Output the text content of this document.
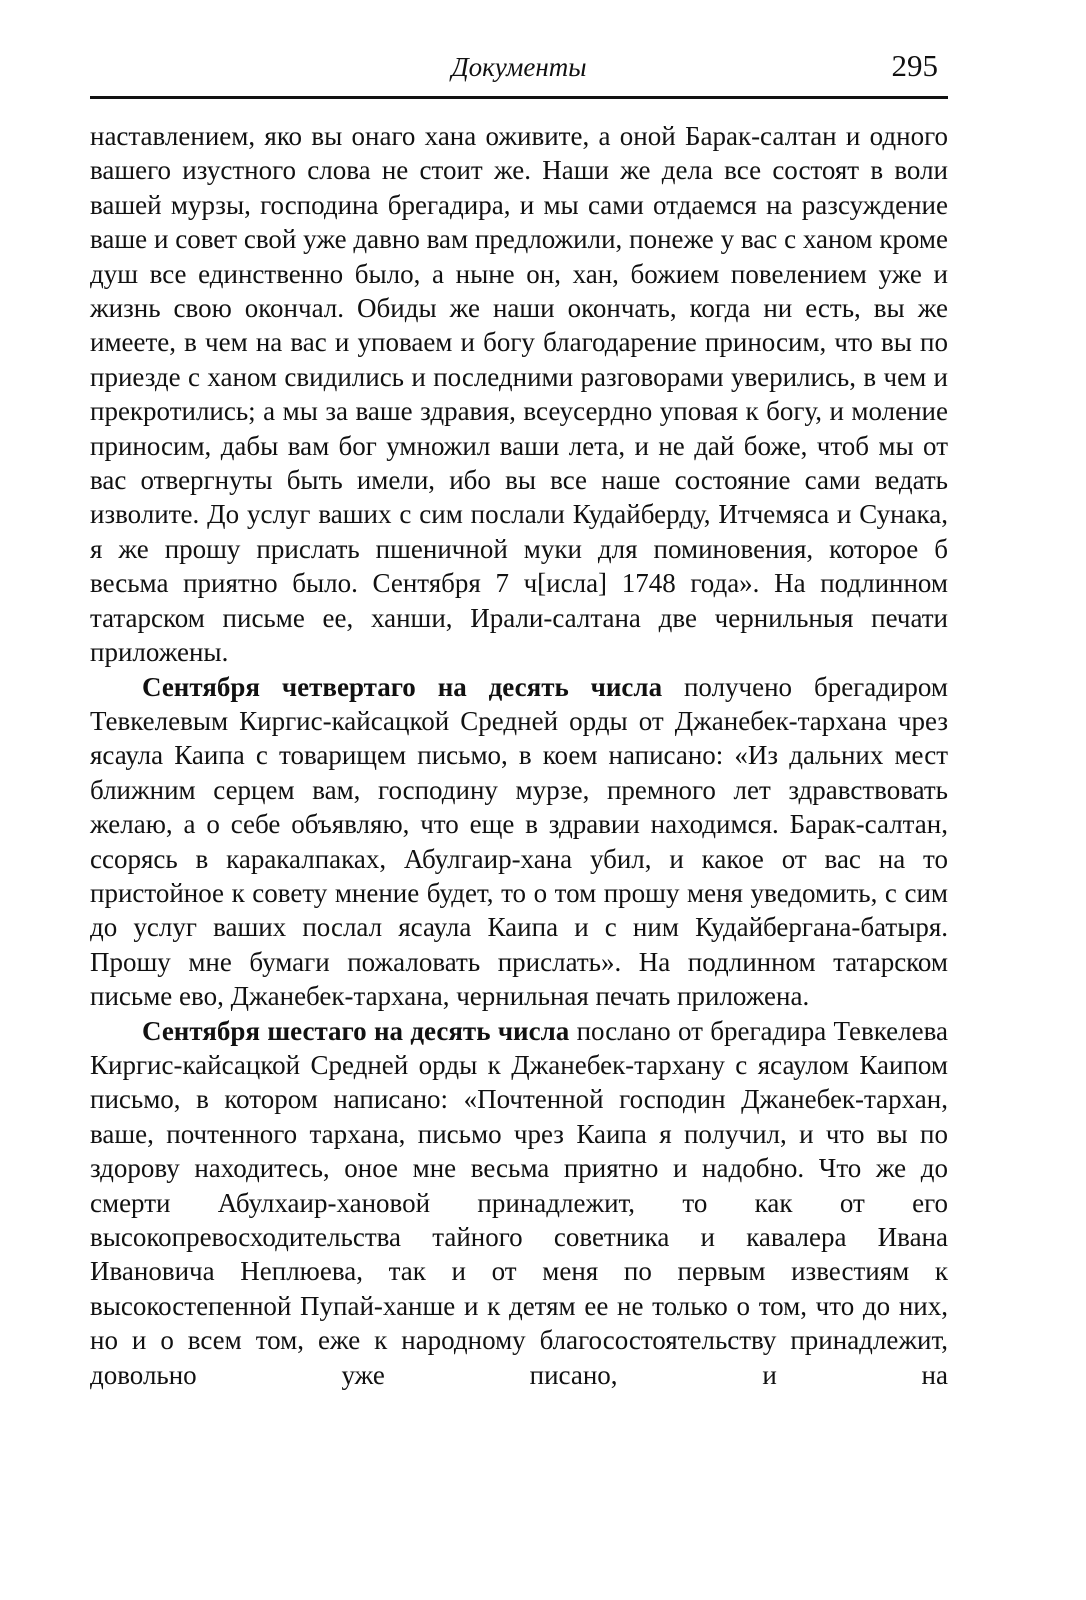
Документы	295

наставлением, яко вы онаго хана оживите, а оной Барак-салтан и одного вашего изустного слова не стоит же. Наши же дела все состоят в воли вашей мурзы, господина брегадира, и мы сами отдаемся на разсуждение ваше и совет свой уже давно вам предложили, понеже у вас с ханом кроме душ все единственно было, а ныне он, хан, божием повелением уже и жизнь свою окончал. Обиды же наши окончать, когда ни есть, вы же имеете, в чем на вас и уповаем и богу благодарение приносим, что вы по приезде с ханом свидились и последними разговорами уверились, в чем и прекротились; а мы за ваше здравия, всеусердно уповая к богу, и моление приносим, дабы вам бог умножил ваши лета, и не дай боже, чтоб мы от вас отвергнуты быть имели, ибо вы все наше состояние сами ведать изволите. До услуг ваших с сим послали Кудайберду, Итчемяса и Сунака, я же прошу прислать пшеничной муки для поминовения, которое б весьма приятно было. Сентября 7 ч[исла] 1748 года». На подлинном татарском письме ее, ханши, Ирали-салтана две чернильныя печати приложены.

Сентября четвертаго на десять числа получено брегадиром Тевкелевым Киргис-кайсацкой Средней орды от Джанебек-тархана чрез ясаула Каипа с товарищем письмо, в коем написано: «Из дальних мест ближним серцем вам, господину мурзе, премного лет здравствовать желаю, а о себе объявляю, что еще в здравии находимся. Барак-салтан, ссорясь в каракалпаках, Абулгаир-хана убил, и какое от вас на то пристойное к совету мнение будет, то о том прошу меня уведомить, с сим до услуг ваших послал ясаула Каипа и с ним Кудайбергана-батыря. Прошу мне бумаги пожаловать прислать». На подлинном татарском письме ево, Джанебек-тархана, чернильная печать приложена.

Сентября шестаго на десять числа послано от брегадира Тевкелева Киргис-кайсацкой Средней орды к Джанебек-тархану с ясаулом Каипом письмо, в котором написано: «Почтенной господин Джанебек-тархан, ваше, почтенного тархана, письмо чрез Каипа я получил, и что вы по здорову находитесь, оное мне весьма приятно и надобно. Что же до смерти Абулхаир-хановой принадлежит, то как от его высокопревосходительства тайного советника и кавалера Ивана Ивановича Неплюева, так и от меня по первым известиям к высокостепенной Пупай-ханше и к детям ее не только о том, что до них, но и о всем том, еже к народному благосостоятельству принадлежит, довольно уже писано, и на
